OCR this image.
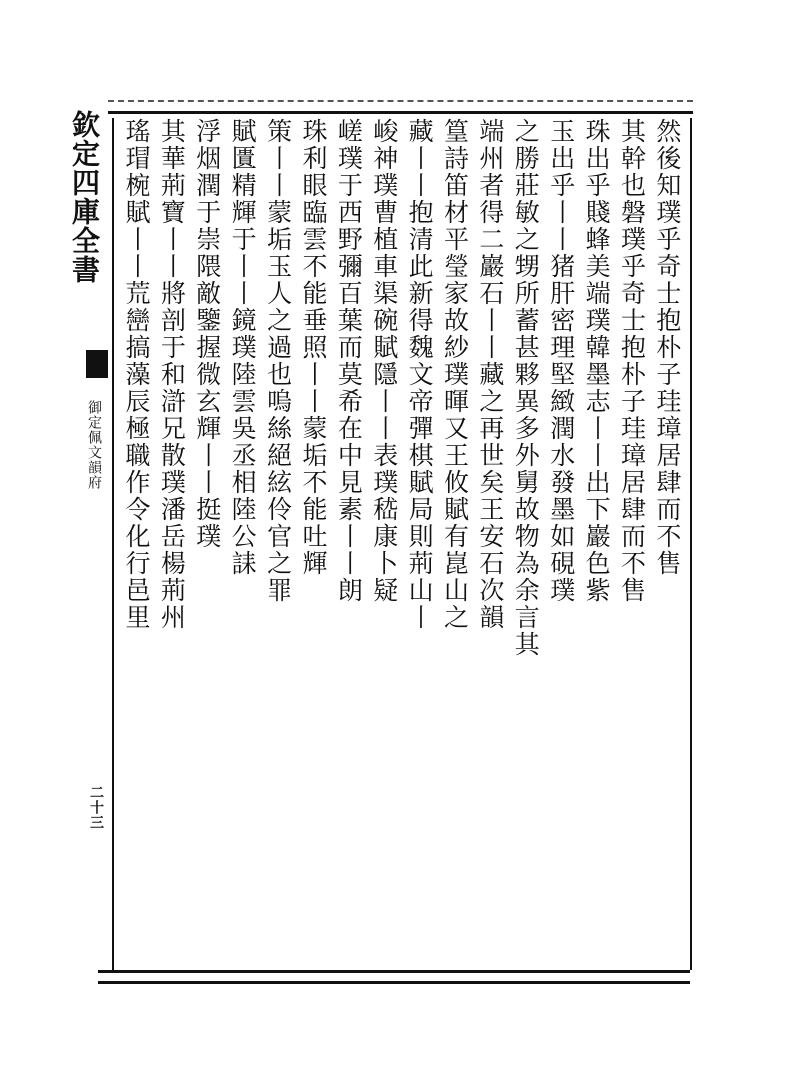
欽定四庫全書
御定佩文韻府
二十三
然後知璞乎奇士抱朴子珪璋居肆而不售
其幹也磐璞乎奇士抱朴子珪璋居肆而不售
珠出乎賤蜂美端璞韓墨志丨丨出下巖色紫
玉出乎丨丨猪肝密理堅緻潤水發墨如硯璞
之勝莊敏之甥所蓄甚夥異多外舅故物為余言其
端州者得二巖石丨丨藏之再世矣王安石次韻
篁詩笛材平瑩家故紗璞暉又王攸賦有崑山之
藏丨丨抱清此新得魏文帝彈棋賦局則荊山丨
峻神璞曹植車渠碗賦隱丨丨表璞嵇康卜疑
嵯璞于西野彌百葉而莫希在中見素丨丨朗
珠利眼臨雲不能垂照丨丨蒙垢不能吐輝
策丨丨蒙垢玉人之過也嗚絲絕絃伶官之罪
賦匱精輝于丨丨鏡璞陸雲吳丞相陸公誄
浮烟潤于崇隈敵鑒握微玄輝丨丨挺璞
其華荊寶丨丨將剖于和滸兄散璞潘岳楊荊州
瑤瑁椀賦丨丨荒巒搞藻辰極職作令化行邑里
